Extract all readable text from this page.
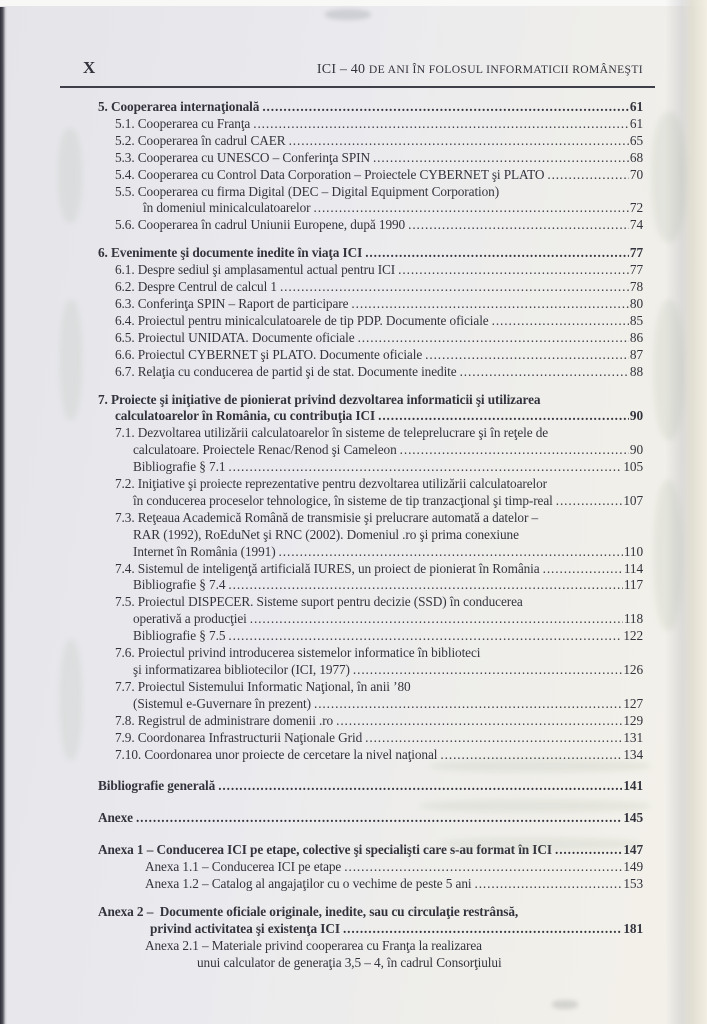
X	ICI – 40 DE ANI ÎN FOLOSUL INFORMATICII ROMÂNEŞTI
5. Cooperarea internaţională .....	61
5.1. Cooperarea cu Franţa .....	61
5.2. Cooperarea în cadrul CAER .....	65
5.3. Cooperarea cu UNESCO – Conferinţa SPIN .....	68
5.4. Cooperarea cu Control Data Corporation – Proiectele CYBERNET şi PLATO .....	70
5.5. Cooperarea cu firma Digital (DEC – Digital Equipment Corporation)
în domeniul minicalculatoarelor .....	72
5.6. Cooperarea în cadrul Uniunii Europene, după 1990 .....	74
6. Evenimente şi documente inedite în viaţa ICI .....	77
6.1. Despre sediul şi amplasamentul actual pentru ICI .....	77
6.2. Despre Centrul de calcul 1 .....	78
6.3. Conferinţa SPIN – Raport de participare .....	80
6.4. Proiectul pentru minicalculatoarele de tip PDP. Documente oficiale .....	85
6.5. Proiectul UNIDATA. Documente oficiale .....	86
6.6. Proiectul CYBERNET şi PLATO. Documente oficiale .....	87
6.7. Relaţia cu conducerea de partid şi de stat. Documente inedite .....	88
7. Proiecte şi iniţiative de pionierat privind dezvoltarea informaticii şi utilizarea
calculatoarelor în România, cu contribuţia ICI .....	90
7.1. Dezvoltarea utilizării calculatoarelor în sisteme de teleprelucrare şi în reţele de
calculatoare. Proiectele Renac/Renod şi Cameleon .....	90
Bibliografie § 7.1 .....	105
7.2. Iniţiative şi proiecte reprezentative pentru dezvoltarea utilizării calculatoarelor
în conducerea proceselor tehnologice, în sisteme de tip tranzacţional şi timp-real .....	107
7.3. Reţeaua Academică Română de transmisie şi prelucrare automată a datelor –
RAR (1992), RoEduNet şi RNC (2002). Domeniul .ro şi prima conexiune
Internet în România (1991) .....	110
7.4. Sistemul de inteligenţă artificială IURES, un proiect de pionierat în România .....	114
Bibliografie § 7.4 .....	117
7.5. Proiectul DISPECER. Sisteme suport pentru decizie (SSD) în conducerea
operativă a producţiei .....	118
Bibliografie § 7.5 .....	122
7.6. Proiectul privind introducerea sistemelor informatice în biblioteci
şi informatizarea bibliotecilor (ICI, 1977) .....	126
7.7. Proiectul Sistemului Informatic Naţional, în anii ’80
(Sistemul e-Guvernare în prezent) .....	127
7.8. Registrul de administrare domenii .ro .....	129
7.9. Coordonarea Infrastructurii Naţionale Grid .....	131
7.10. Coordonarea unor proiecte de cercetare la nivel naţional .....	134
Bibliografie generală .....	141
Anexe .....	145
Anexa 1 – Conducerea ICI pe etape, colective şi specialişti care s-au format în ICI .....	147
Anexa 1.1 – Conducerea ICI pe etape .....	149
Anexa 1.2 – Catalog al angajaţilor cu o vechime de peste 5 ani .....	153
Anexa 2 –  Documente oficiale originale, inedite, sau cu circulaţie restrânsă,
privind activitatea şi existenţa ICI .....	181
Anexa 2.1 – Materiale privind cooperarea cu Franţa la realizarea
unui calculator de generaţia 3,5 – 4, în cadrul Consorţiului
